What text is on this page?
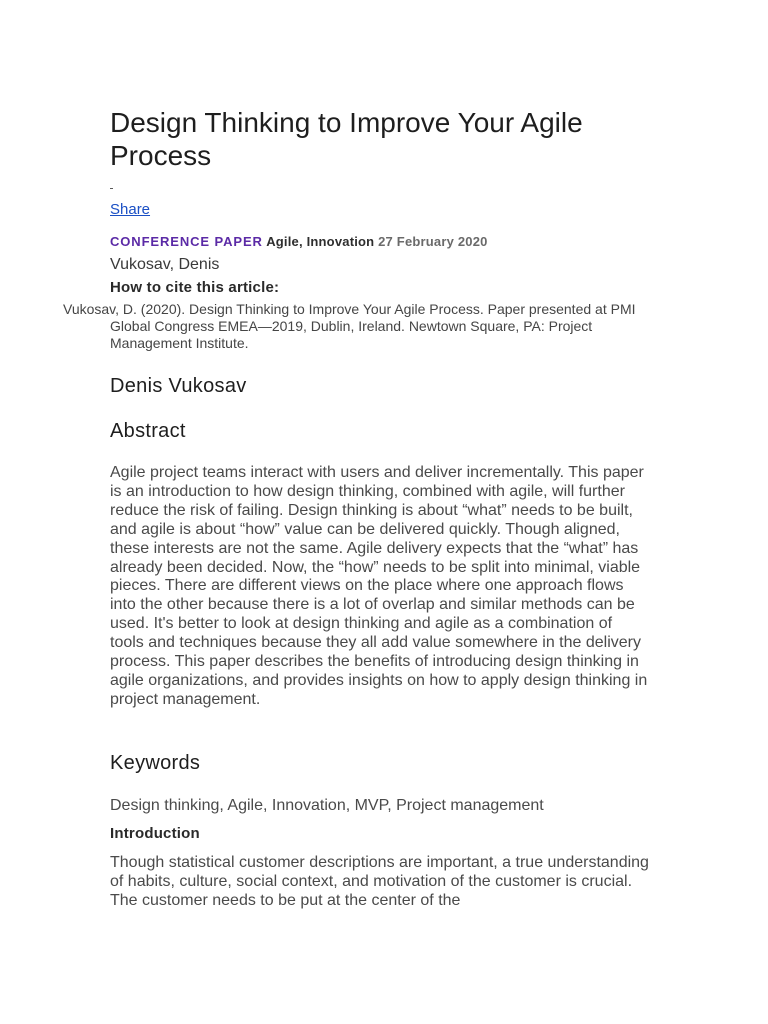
Design Thinking to Improve Your Agile Process
Share
CONFERENCE PAPER Agile, Innovation 27 February 2020
Vukosav, Denis
How to cite this article:

Vukosav, D. (2020). Design Thinking to Improve Your Agile Process. Paper presented at PMI Global Congress EMEA—2019, Dublin, Ireland. Newtown Square, PA: Project Management Institute.

Denis Vukosav
Abstract

Agile project teams interact with users and deliver incrementally. This paper is an introduction to how design thinking, combined with agile, will further reduce the risk of failing. Design thinking is about “what” needs to be built, and agile is about “how” value can be delivered quickly. Though aligned, these interests are not the same. Agile delivery expects that the “what” has already been decided. Now, the “how” needs to be split into minimal, viable pieces. There are different views on the place where one approach flows into the other because there is a lot of overlap and similar methods can be used. It's better to look at design thinking and agile as a combination of tools and techniques because they all add value somewhere in the delivery process. This paper describes the benefits of introducing design thinking in agile organizations, and provides insights on how to apply design thinking in project management.

Keywords

Design thinking, Agile, Innovation, MVP, Project management

Introduction

Though statistical customer descriptions are important, a true understanding of habits, culture, social context, and motivation of the customer is crucial. The customer needs to be put at the center of the
